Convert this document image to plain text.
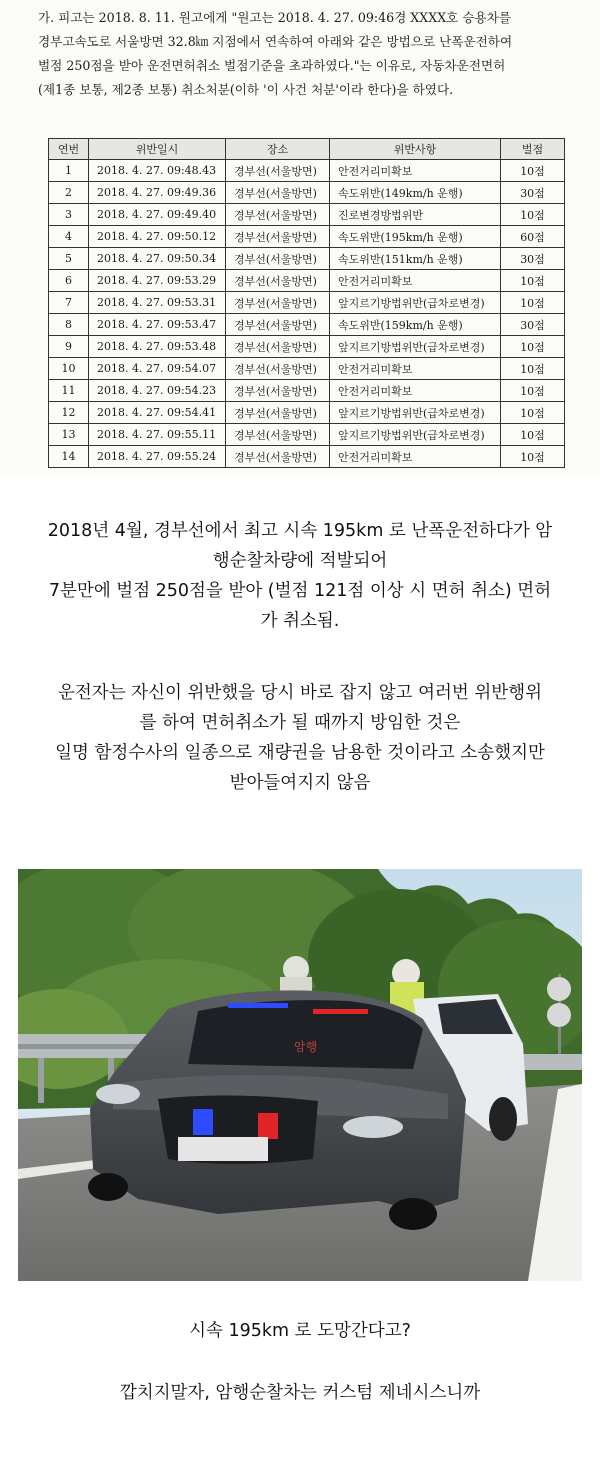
가. 피고는 2018. 8. 11. 원고에게 "원고는 2018. 4. 27. 09:46경 XXXX호 승용차를

경부고속도로 서울방면 32.8㎞ 지점에서 연속하여 아래와 같은 방법으로 난폭운전하여

벌점 250점을 받아 운전면허취소 벌점기준을 초과하였다."는 이유로, 자동차운전면허

(제1종 보통, 제2종 보통) 취소처분(이하 '이 사건 처분'이라 한다)을 하였다.

연번	위반일시	장소	위반사항	벌점
1	2018. 4. 27. 09:48.43	경부선(서울방면)	안전거리미확보	10점
2	2018. 4. 27. 09:49.36	경부선(서울방면)	속도위반(149km/h 운행)	30점
3	2018. 4. 27. 09:49.40	경부선(서울방면)	진로변경방법위반	10점
4	2018. 4. 27. 09:50.12	경부선(서울방면)	속도위반(195km/h 운행)	60점
5	2018. 4. 27. 09:50.34	경부선(서울방면)	속도위반(151km/h 운행)	30점
6	2018. 4. 27. 09:53.29	경부선(서울방면)	안전거리미확보	10점
7	2018. 4. 27. 09:53.31	경부선(서울방면)	앞지르기방법위반(급차로변경)	10점
8	2018. 4. 27. 09:53.47	경부선(서울방면)	속도위반(159km/h 운행)	30점
9	2018. 4. 27. 09:53.48	경부선(서울방면)	앞지르기방법위반(급차로변경)	10점
10	2018. 4. 27. 09:54.07	경부선(서울방면)	안전거리미확보	10점
11	2018. 4. 27. 09:54.23	경부선(서울방면)	안전거리미확보	10점
12	2018. 4. 27. 09:54.41	경부선(서울방면)	앞지르기방법위반(급차로변경)	10점
13	2018. 4. 27. 09:55.11	경부선(서울방면)	앞지르기방법위반(급차로변경)	10점
14	2018. 4. 27. 09:55.24	경부선(서울방면)	안전거리미확보	10점

2018년 4월, 경부선에서 최고 시속 195km 로 난폭운전하다가 암

행순찰차량에 적발되어

7분만에 벌점 250점을 받아 (벌점 121점 이상 시 면허 취소) 면허

가 취소됨.

운전자는 자신이 위반했을 당시 바로 잡지 않고 여러번 위반행위

를 하여 면허취소가 될 때까지 방임한 것은

일명 함정수사의 일종으로 재량권을 남용한 것이라고 소송했지만

받아들여지지 않음

암행

시속 195km 로 도망간다고?

깝치지말자, 암행순찰차는 커스텀 제네시스니까
